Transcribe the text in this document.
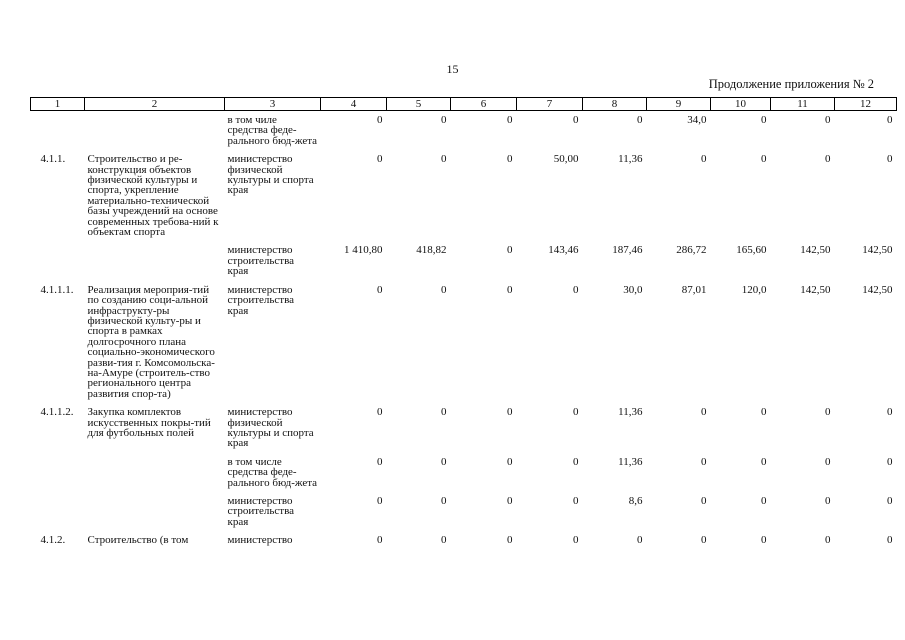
15
Продолжение приложения № 2
1	2	3	4	5	6	7	8	9	10	11	12
		в том чиле средства феде-рального бюд-жета	0	0	0	0	0	34,0	0	0	0
4.1.1.	Строительство и ре-конструкция объектов физической культуры и спорта, укрепление материально-технической базы учреждений на основе современных требова-ний к объектам спорта	министерство физической культуры и спорта края	0	0	0	50,00	11,36	0	0	0	0
		министерство строительства края	1 410,80	418,82	0	143,46	187,46	286,72	165,60	142,50	142,50
4.1.1.1.	Реализация мероприя-тий по созданию соци-альной инфраструкту-ры физической культу-ры и спорта в рамках долгосрочного плана социально-экономического разви-тия г. Комсомольска-на-Амуре (строитель-ство регионального центра развития спор-та)	министерство строительства края	0	0	0	0	30,0	87,01	120,0	142,50	142,50
4.1.1.2.	Закупка комплектов искусственных покры-тий для футбольных полей	министерство физической культуры и спорта края	0	0	0	0	11,36	0	0	0	0
		в том числе средства феде-рального бюд-жета	0	0	0	0	11,36	0	0	0	0
		министерство строительства края	0	0	0	0	8,6	0	0	0	0
4.1.2.	Строительство (в том	министерство	0	0	0	0	0	0	0	0	0
